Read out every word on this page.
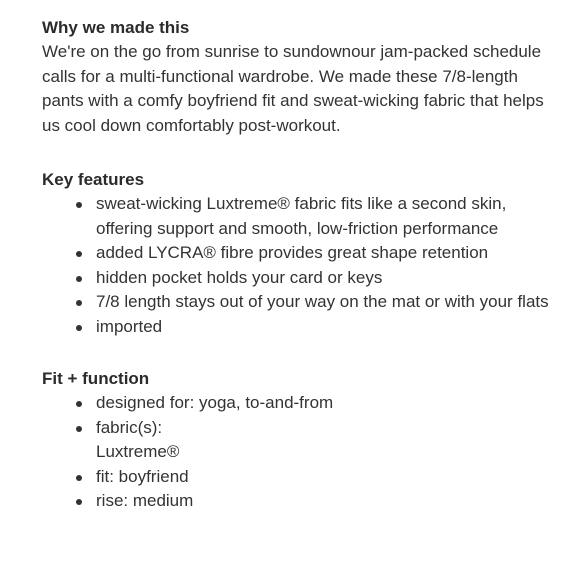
Why we made this

We're on the go from sunrise to sundownour jam-packed schedule calls for a multi-functional wardrobe. We made these 7/8-length pants with a comfy boyfriend fit and sweat-wicking fabric that helps us cool down comfortably post-workout.

Key features
sweat-wicking Luxtreme® fabric fits like a second skin, offering support and smooth, low-friction performance
added LYCRA® fibre provides great shape retention
hidden pocket holds your card or keys
7/8 length stays out of your way on the mat or with your flats
imported
Fit + function
designed for: yoga, to-and-from
fabric(s):
Luxtreme®
fit: boyfriend
rise: medium
